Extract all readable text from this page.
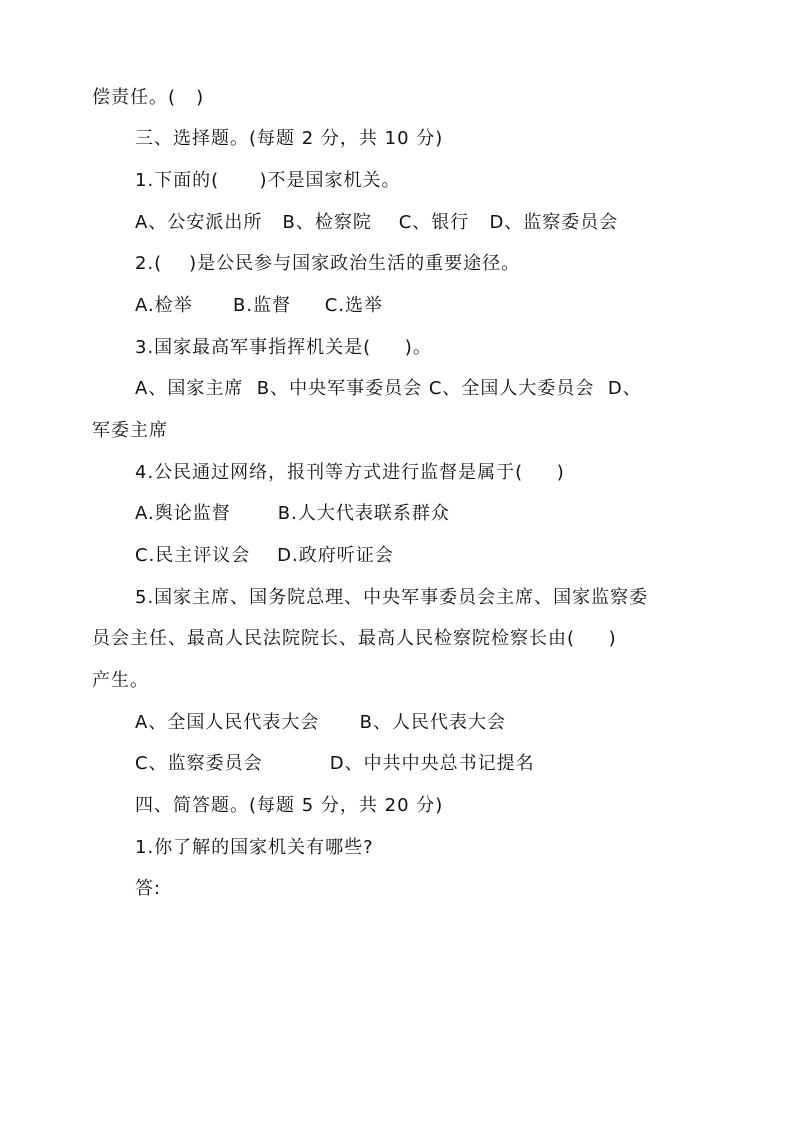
偿责任。(   )
三、选择题。(每题 2 分，共 10 分)
1.下面的(      )不是国家机关。
A、公安派出所   B、检察院    C、银行   D、监察委员会
2.(    )是公民参与国家政治生活的重要途径。
A.检举      B.监督     C.选举
3.国家最高军事指挥机关是(     )。
A、国家主席  B、中央军事委员会 C、全国人大委员会  D、
军委主席
4.公民通过网络，报刊等方式进行监督是属于(     )
A.舆论监督       B.人大代表联系群众
C.民主评议会    D.政府听证会
5.国家主席、国务院总理、中央军事委员会主席、国家监察委
员会主任、最高人民法院院长、最高人民检察院检察长由(     )
产生。
A、全国人民代表大会      B、人民代表大会
C、监察委员会          D、中共中央总书记提名
四、简答题。(每题 5 分，共 20 分)
1.你了解的国家机关有哪些?
答:
